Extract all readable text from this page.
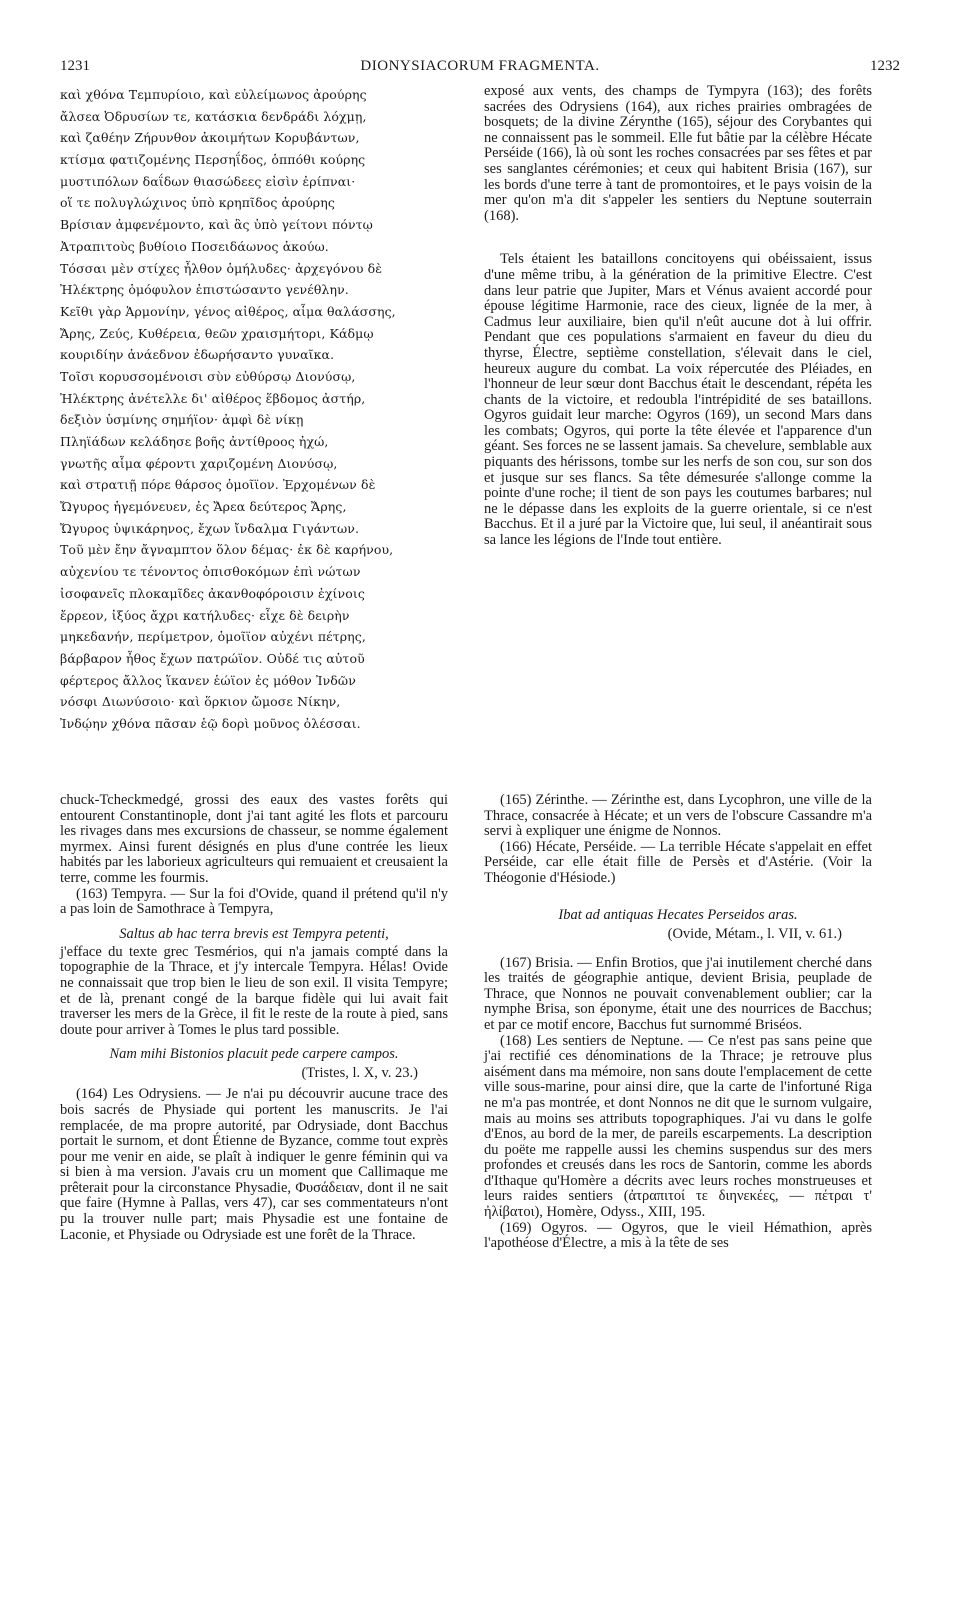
1231	DIONYSIACORUM FRAGMENTA.	1232
καὶ χθόνα Τεμπυρίοιο, καὶ εὐλείμωνος ἀρούρης
ἄλσεα Ὀδρυσίων τε, κατάσκια δενδράδι λόχμῃ,
καὶ ζαθέην Ζήρυνθον ἀκοιμήτων Κορυβάντων,
κτίσμα φατιζομένης Περσηΐδος, ὁππόθι κούρης
μυστιπόλων δαΐδων θιασώδεες εἰσὶν ἐρίπναι·
οἵ τε πολυγλώχινος ὑπὸ κρηπῖδος ἀρούρης
Βρίσιαν ἀμφενέμοντο, καὶ ἃς ὑπὸ γείτονι πόντῳ
Ἀτραπιτοὺς βυθίοιο Ποσειδάωνος ἀκούω.
Τόσσαι μὲν στίχες ἦλθον ὁμήλυδες· ἀρχεγόνου δὲ
Ἠλέκτρης ὁμόφυλον ἐπιστώσαντο γενέθλην.
Κεῖθι γὰρ Ἁρμονίην, γένος αἰθέρος, αἷμα θαλάσσης,
Ἄρης, Ζεύς, Κυθέρεια, θεῶν χραισμήτορι, Κάδμῳ
κουριδίην ἀνάεδνον ἐδωρήσαντο γυναῖκα.
Τοῖσι κορυσσομένοισι σὺν εὐθύρσῳ Διονύσῳ,
Ἠλέκτρης ἀνέτελλε δι' αἰθέρος ἕβδομος ἀστήρ,
δεξιὸν ὑσμίνης σημήϊον· ἀμφὶ δὲ νίκῃ
Πληϊάδων κελάδησε βοῆς ἀντίθροος ἠχώ,
γνωτῆς αἷμα φέροντι χαριζομένη Διονύσῳ,
καὶ στρατιῇ πόρε θάρσος ὁμοῖϊον. Ἐρχομένων δὲ
Ὤγυρος ἡγεμόνευεν, ἐς Ἄρεα δεύτερος Ἄρης,
Ὤγυρος ὑψικάρηνος, ἔχων ἴνδαλμα Γιγάντων.
Τοῦ μὲν ἔην ἄγναμπτον ὅλον δέμας· ἐκ δὲ καρήνου,
αὐχενίου τε τένοντος ὀπισθοκόμων ἐπὶ νώτων
ἰσοφανεῖς πλοκαμῖδες ἀκανθοφόροισιν ἐχίνοις
ἔρρεον, ἰξύος ἄχρι κατήλυδες· εἶχε δὲ δειρὴν
μηκεδανήν, περίμετρον, ὁμοῖϊον αὐχένι πέτρης,
βάρβαρον ἦθος ἔχων πατρώϊον. Οὐδέ τις αὐτοῦ
φέρτερος ἄλλος ἵκανεν ἑώϊον ἐς μόθον Ἰνδῶν
νόσφι Διωνύσοιο· καὶ ὅρκιον ὤμοσε Νίκην,
Ἰνδῴην χθόνα πᾶσαν ἑῷ δορὶ μοῦνος ὀλέσσαι.

exposé aux vents, des champs de Tympyra (163); des forêts sacrées des Odrysiens (164), aux riches prairies ombragées de bosquets; de la divine Zérynthe (165), séjour des Corybantes qui ne connaissent pas le sommeil. Elle fut bâtie par la célèbre Hécate Perséide (166), là où sont les roches consacrées par ses fêtes et par ses sanglantes cérémonies; et ceux qui habitent Brisia (167), sur les bords d'une terre à tant de promontoires, et le pays voisin de la mer qu'on m'a dit s'appeler les sentiers du Neptune souterrain (168).

Tels étaient les bataillons concitoyens qui obéissaient, issus d'une même tribu, à la génération de la primitive Electre. C'est dans leur patrie que Jupiter, Mars et Vénus avaient accordé pour épouse légitime Harmonie, race des cieux, lignée de la mer, à Cadmus leur auxiliaire, bien qu'il n'eût aucune dot à lui offrir. Pendant que ces populations s'armaient en faveur du dieu du thyrse, Électre, septième constellation, s'élevait dans le ciel, heureux augure du combat. La voix répercutée des Pléiades, en l'honneur de leur sœur dont Bacchus était le descendant, répéta les chants de la victoire, et redoubla l'intrépidité de ses bataillons. Ogyros guidait leur marche: Ogyros (169), un second Mars dans les combats; Ogyros, qui porte la tête élevée et l'apparence d'un géant. Ses forces ne se lassent jamais. Sa chevelure, semblable aux piquants des hérissons, tombe sur les nerfs de son cou, sur son dos et jusque sur ses flancs. Sa tête démesurée s'allonge comme la pointe d'une roche; il tient de son pays les coutumes barbares; nul ne le dépasse dans les exploits de la guerre orientale, si ce n'est Bacchus. Et il a juré par la Victoire que, lui seul, il anéantirait sous sa lance les légions de l'Inde tout entière.

chuck-Tcheckmedgé, grossi des eaux des vastes forêts qui entourent Constantinople, dont j'ai tant agité les flots et parcouru les rivages dans mes excursions de chasseur, se nomme également myrmex. Ainsi furent désignés en plus d'une contrée les lieux habités par les laborieux agriculteurs qui remuaient et creusaient la terre, comme les fourmis.

(163) Tempyra. — Sur la foi d'Ovide, quand il prétend qu'il n'y a pas loin de Samothrace à Tempyra,

Saltus ab hac terra brevis est Tempyra petenti,

j'efface du texte grec Tesmérios, qui n'a jamais compté dans la topographie de la Thrace, et j'y intercale Tempyra. Hélas! Ovide ne connaissait que trop bien le lieu de son exil. Il visita Tempyre; et de là, prenant congé de la barque fidèle qui lui avait fait traverser les mers de la Grèce, il fit le reste de la route à pied, sans doute pour arriver à Tomes le plus tard possible.

Nam mihi Bistonios placuit pede carpere campos.
(Tristes, l. X, v. 23.)

(164) Les Odrysiens. — Je n'ai pu découvrir aucune trace des bois sacrés de Physiade qui portent les manuscrits. Je l'ai remplacée, de ma propre autorité, par Odrysiade, dont Bacchus portait le surnom, et dont Étienne de Byzance, comme tout exprès pour me venir en aide, se plaît à indiquer le genre féminin qui va si bien à ma version. J'avais cru un moment que Callimaque me prêterait pour la circonstance Physadie, Φυσάδειαν, dont il ne sait que faire (Hymne à Pallas, vers 47), car ses commentateurs n'ont pu la trouver nulle part; mais Physadie est une fontaine de Laconie, et Physiade ou Odrysiade est une forêt de la Thrace.

(165) Zérinthe. — Zérinthe est, dans Lycophron, une ville de la Thrace, consacrée à Hécate; et un vers de l'obscure Cassandre m'a servi à expliquer une énigme de Nonnos.

(166) Hécate, Perséide. — La terrible Hécate s'appelait en effet Perséide, car elle était fille de Persès et d'Astérie. (Voir la Théogonie d'Hésiode.)

Ibat ad antiquas Hecates Perseidos aras.
(Ovide, Métam., l. VII, v. 61.)

(167) Brisia. — Enfin Brotios, que j'ai inutilement cherché dans les traités de géographie antique, devient Brisia, peuplade de Thrace, que Nonnos ne pouvait convenablement oublier; car la nymphe Brisa, son éponyme, était une des nourrices de Bacchus; et par ce motif encore, Bacchus fut surnommé Briséos.

(168) Les sentiers de Neptune. — Ce n'est pas sans peine que j'ai rectifié ces dénominations de la Thrace; je retrouve plus aisément dans ma mémoire, non sans doute l'emplacement de cette ville sous-marine, pour ainsi dire, que la carte de l'infortuné Riga ne m'a pas montrée, et dont Nonnos ne dit que le surnom vulgaire, mais au moins ses attributs topographiques. J'ai vu dans le golfe d'Enos, au bord de la mer, de pareils escarpements. La description du poëte me rappelle aussi les chemins suspendus sur des mers profondes et creusés dans les rocs de Santorin, comme les abords d'Ithaque qu'Homère a décrits avec leurs roches monstrueuses et leurs raides sentiers (ἀτραπιτοί τε διηνεκέες, — πέτραι τ' ἠλίβατοι), Homère, Odyss., XIII, 195.

(169) Ogyros. — Ogyros, que le vieil Hémathion, après l'apothéose d'Électre, a mis à la tête de ses
